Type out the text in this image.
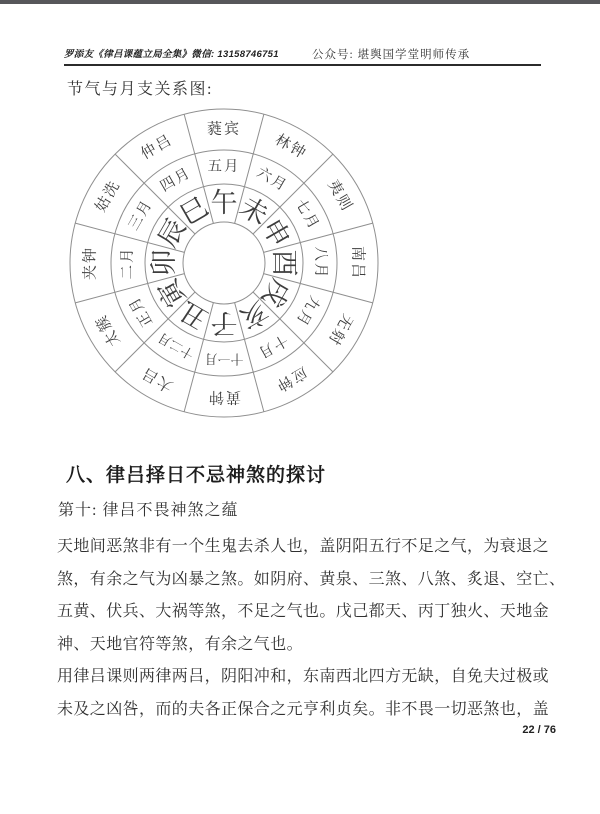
罗添友《律吕课蕴立局全集》微信: 13158746751	公众号: 堪舆国学堂明师传承
节气与月支关系图:
蕤宾
五月
午
林钟
六月
未	夷则
七月
申
南吕
八月
酉
无射
九月
戌
应钟
十月
亥
黄钟
十一月
子
大吕
十二月
丑
太簇
正月
寅
夹钟 二月 卯
姑洗
三月
辰
仲吕
四月
巳
八、律吕择日不忌神煞的探讨
第十: 律吕不畏神煞之蕴
天地间恶煞非有一个生鬼去杀人也，盖阴阳五行不足之气，为衰退之
煞，有余之气为凶暴之煞。如阴府、黄泉、三煞、八煞、炙退、空亡、
五黄、伏兵、大祸等煞，不足之气也。戊己都天、丙丁独火、天地金
神、天地官符等煞，有余之气也。
用律吕课则两律两吕，阴阳冲和，东南西北四方无缺，自免夫过极或
未及之凶咎，而的夫各正保合之元亨利贞矣。非不畏一切恶煞也，盖
22 / 76
